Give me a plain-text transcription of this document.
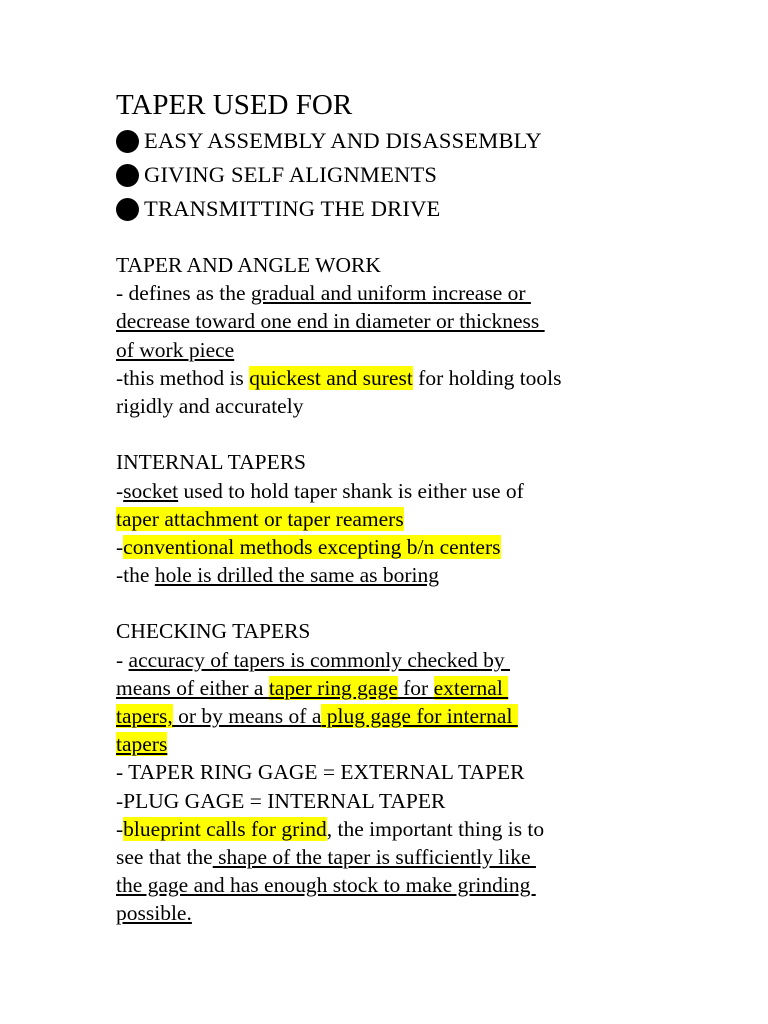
TAPER USED FOR
EASY ASSEMBLY AND DISASSEMBLY
GIVING SELF ALIGNMENTS
TRANSMITTING THE DRIVE
TAPER AND ANGLE WORK
- defines as the gradual and uniform increase or
decrease toward one end in diameter or thickness
of work piece
-this method is quickest and surest for holding tools
rigidly and accurately
INTERNAL TAPERS
-socket used to hold taper shank is either use of
taper attachment or taper reamers
-conventional methods excepting b/n centers
-the hole is drilled the same as boring
CHECKING TAPERS
- accuracy of tapers is commonly checked by
means of either a taper ring gage for external
tapers, or by means of a plug gage for internal
tapers
- TAPER RING GAGE = EXTERNAL TAPER
-PLUG GAGE = INTERNAL TAPER
-blueprint calls for grind, the important thing is to
see that the shape of the taper is sufficiently like
the gage and has enough stock to make grinding
possible.
